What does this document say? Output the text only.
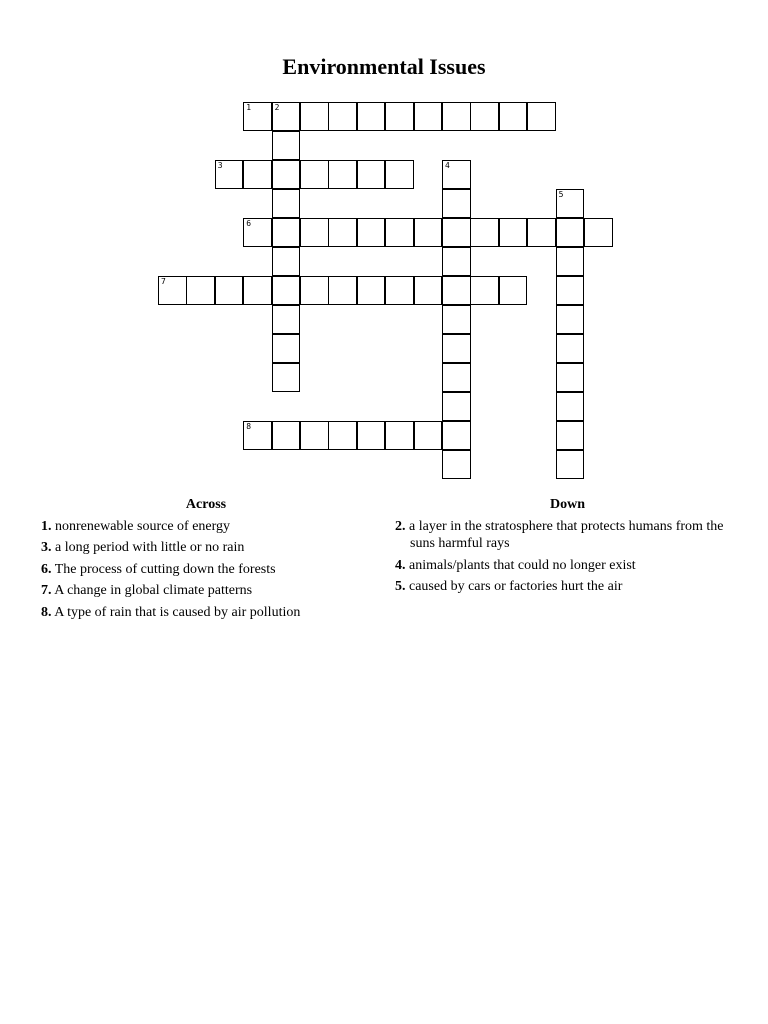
Environmental Issues
1	2
3	4
5
6
7
8
Across
1. nonrenewable source of energy
3. a long period with little or no rain
6. The process of cutting down the forests
7. A change in global climate patterns
8. A type of rain that is caused by air pollution
Down
2. a layer in the stratosphere that protects humans from the suns harmful rays
4. animals/plants that could no longer exist
5. caused by cars or factories hurt the air
